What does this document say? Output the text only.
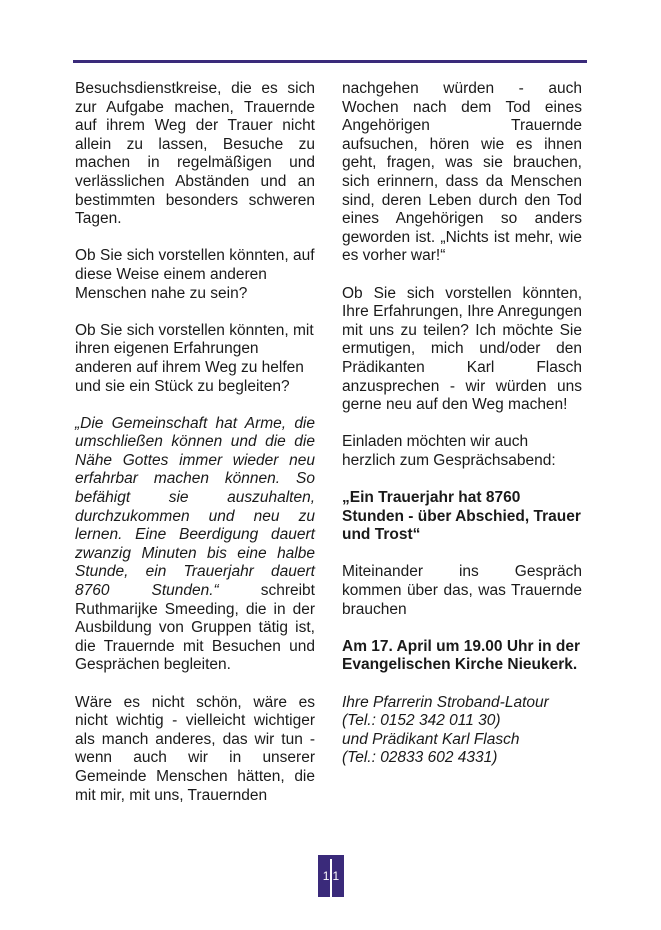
Besuchsdienstkreise, die es sich zur Aufgabe machen, Trauernde auf ihrem Weg der Trauer nicht allein zu lassen, Besuche zu machen in regelmäßigen und verlässlichen Abständen und an bestimmten besonders schweren Tagen.

Ob Sie sich vorstellen könnten, auf diese Weise einem anderen Menschen nahe zu sein?

Ob Sie sich vorstellen könnten, mit ihren eigenen Erfahrungen anderen auf ihrem Weg zu helfen und sie ein Stück zu begleiten?

„Die Gemeinschaft hat Arme, die umschließen können und die die Nähe Gottes immer wieder neu erfahrbar machen können. So befähigt sie auszuhalten, durchzukommen und neu zu lernen. Eine Beerdigung dauert zwanzig Minuten bis eine halbe Stunde, ein Trauerjahr dauert 8760 Stunden.“ schreibt Ruthmarijke Smeeding, die in der Ausbildung von Gruppen tätig ist, die Trauernde mit Besuchen und Gesprächen begleiten.

Wäre es nicht schön, wäre es nicht wichtig - vielleicht wichtiger als manch anderes, das wir tun - wenn auch wir in unserer Gemeinde Menschen hätten, die mit mir, mit uns, Trauernden

nachgehen würden - auch Wochen nach dem Tod eines Angehörigen Trauernde aufsuchen, hören wie es ihnen geht, fragen, was sie brauchen, sich erinnern, dass da Menschen sind, deren Leben durch den Tod eines Angehörigen so anders geworden ist. „Nichts ist mehr, wie es vorher war!“

Ob Sie sich vorstellen könnten, Ihre Erfahrungen, Ihre Anregungen mit uns zu teilen? Ich möchte Sie ermutigen, mich und/oder den Prädikanten Karl Flasch anzusprechen - wir würden uns gerne neu auf den Weg machen!

Einladen möchten wir auch herzlich zum Gesprächsabend:

„Ein Trauerjahr hat 8760 Stunden - über Abschied, Trauer und Trost“

Miteinander ins Gespräch kommen über das, was Trauernde brauchen

Am 17. April um 19.00 Uhr in der Evangelischen Kirche Nieukerk.

Ihre Pfarrerin Stroband-Latour
(Tel.: 0152 342 011 30)
und Prädikant Karl Flasch
(Tel.: 02833 602 4331)
11
